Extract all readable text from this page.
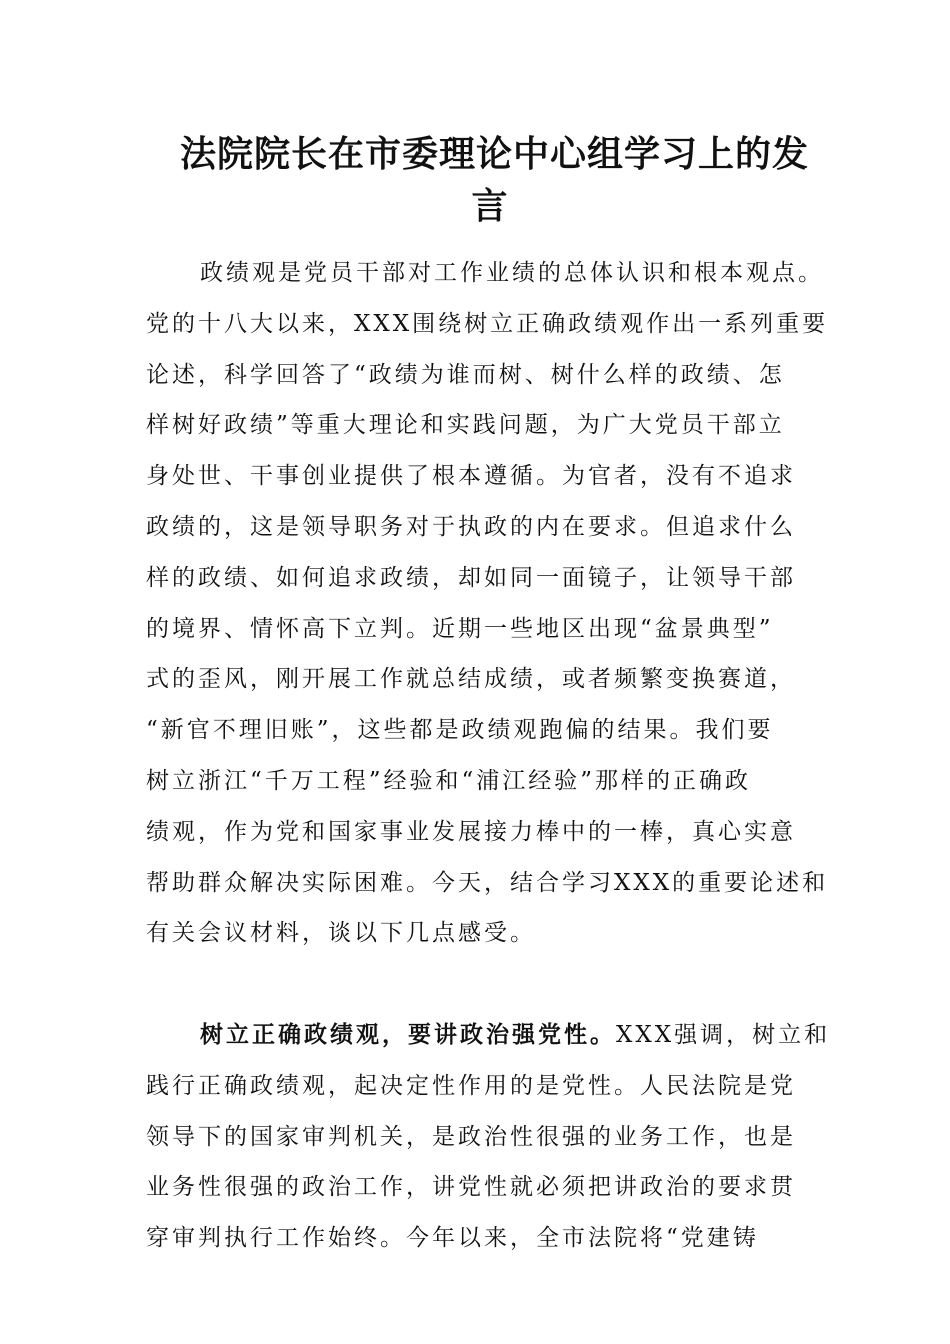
法院院长在市委理论中心组学习上的发
言
政绩观是党员干部对工作业绩的总体认识和根本观点。
党的十八大以来，XXX围绕树立正确政绩观作出一系列重要
论述，科学回答了“政绩为谁而树、树什么样的政绩、怎
样树好政绩”等重大理论和实践问题，为广大党员干部立
身处世、干事创业提供了根本遵循。为官者，没有不追求
政绩的，这是领导职务对于执政的内在要求。但追求什么
样的政绩、如何追求政绩，却如同一面镜子，让领导干部
的境界、情怀高下立判。近期一些地区出现“盆景典型”
式的歪风，刚开展工作就总结成绩，或者频繁变换赛道，
“新官不理旧账”，这些都是政绩观跑偏的结果。我们要
树立浙江“千万工程”经验和“浦江经验”那样的正确政
绩观，作为党和国家事业发展接力棒中的一棒，真心实意
帮助群众解决实际困难。今天，结合学习XXX的重要论述和
有关会议材料，谈以下几点感受。
树立正确政绩观，要讲政治强党性。XXX强调，树立和
践行正确政绩观，起决定性作用的是党性。人民法院是党
领导下的国家审判机关，是政治性很强的业务工作，也是
业务性很强的政治工作，讲党性就必须把讲政治的要求贯
穿审判执行工作始终。今年以来，全市法院将“党建铸
